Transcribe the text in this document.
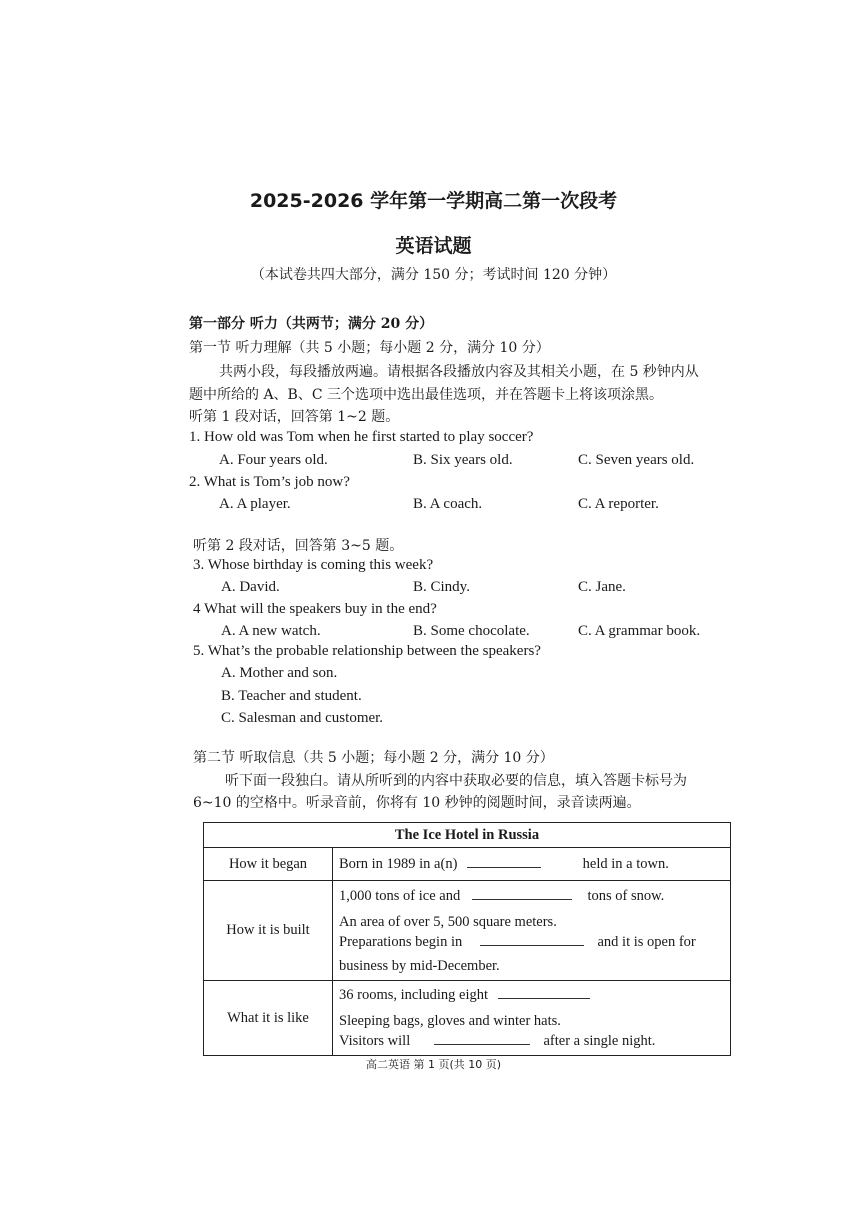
2025-2026 学年第一学期高二第一次段考
英语试题
（本试卷共四大部分，满分 150 分；考试时间 120 分钟）
第一部分 听力（共两节；满分 20 分）
第一节 听力理解（共 5 小题；每小题 2 分，满分 10 分）
共两小段，每段播放两遍。请根据各段播放内容及其相关小题，在 5 秒钟内从
题中所给的 A、B、C 三个选项中选出最佳选项，并在答题卡上将该项涂黑。
听第 1 段对话，回答第 1~2 题。
1. How old was Tom when he first started to play soccer?
A. Four years old.	B. Six years old.	C. Seven years old.
2. What is Tom’s job now?
A. A player.	B. A coach.	C. A reporter.
听第 2 段对话，回答第 3~5 题。
3. Whose birthday is coming this week?
A. David.	B. Cindy.	C. Jane.
4 What will the speakers buy in the end?
A. A new watch.	B. Some chocolate.	C. A grammar book.
5. What’s the probable relationship between the speakers?
A. Mother and son.
B. Teacher and student.
C. Salesman and customer.
第二节 听取信息（共 5 小题；每小题 2 分，满分 10 分）
听下面一段独白。请从所听到的内容中获取必要的信息，填入答题卡标号为
6~10 的空格中。听录音前，你将有 10 秒钟的阅题时间，录音读两遍。
The Ice Hotel in Russia	
How it began	Born in 1989 in a(n) held in a town.

How it is built	1,000 tons of ice and tons of snow.
An area of over 5, 500 square meters.
Preparations begin in and it is open for
business by mid-December.

What it is like	36 rooms, including eight
Sleeping bags, gloves and winter hats.
Visitors will after a single night.
高二英语 第 1 页(共 10 页)
